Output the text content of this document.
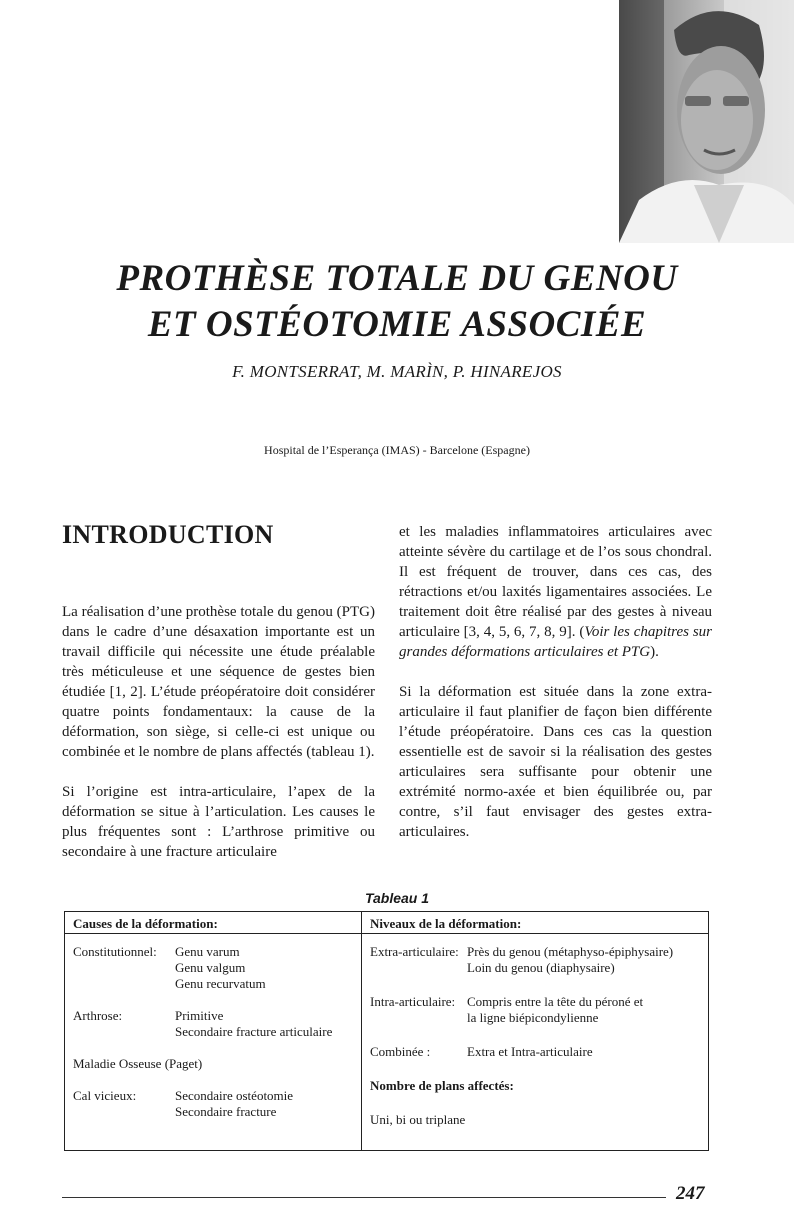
PROTHÈSE TOTALE DU GENOU
ET OSTÉOTOMIE ASSOCIÉE

F. MONTSERRAT, M. MARÌN, P. HINAREJOS

Hospital de l’Esperança (IMAS) - Barcelone (Espagne)

INTRODUCTION

La réalisation d’une prothèse totale du genou (PTG) dans le cadre d’une désaxation importante est un travail difficile qui nécessite une étude préalable très méticuleuse et une séquence de gestes bien étudiée [1, 2]. L’étude préopératoire doit considérer quatre points fondamentaux: la cause de la déformation, son siège, si celle-ci est unique ou combinée et le nombre de plans affectés (tableau 1).

Si l’origine est intra-articulaire, l’apex de la déformation se situe à l’articulation. Les causes le plus fréquentes sont : L’arthrose primitive ou secondaire à une fracture articulaire

et les maladies inflammatoires articulaires avec atteinte sévère du cartilage et de l’os sous chondral. Il est fréquent de trouver, dans ces cas, des rétractions et/ou laxités ligamentaires associées. Le traitement doit être réalisé par des gestes à niveau articulaire [3, 4, 5, 6, 7, 8, 9]. (Voir les chapitres sur grandes déformations articulaires et PTG).

Si la déformation est située dans la zone extra-articulaire il faut planifier de façon bien différente l’étude préopératoire. Dans ces cas la question essentielle est de savoir si la réalisation des gestes articulaires sera suffisante pour obtenir une extrémité normo-axée et bien équilibrée ou, par contre, s’il faut envisager des gestes extra-articulaires.

Tableau 1

Causes de la déformation:
Constitutionnel:	Genu varum
Genu valgum
Genu recurvatum
Arthrose:	Primitive
Secondaire fracture articulaire
Maladie Osseuse (Paget)
Cal vicieux:	Secondaire ostéotomie
Secondaire fracture
Niveaux de la déformation:
Extra-articulaire: Près du genou (métaphyso-épiphysaire)
Loin du genou (diaphysaire)
Intra-articulaire: Compris entre la tête du péroné et
la ligne biépicondylienne
Combinée :	Extra et Intra-articulaire
Nombre de plans affectés:
Uni, bi ou triplane

247
